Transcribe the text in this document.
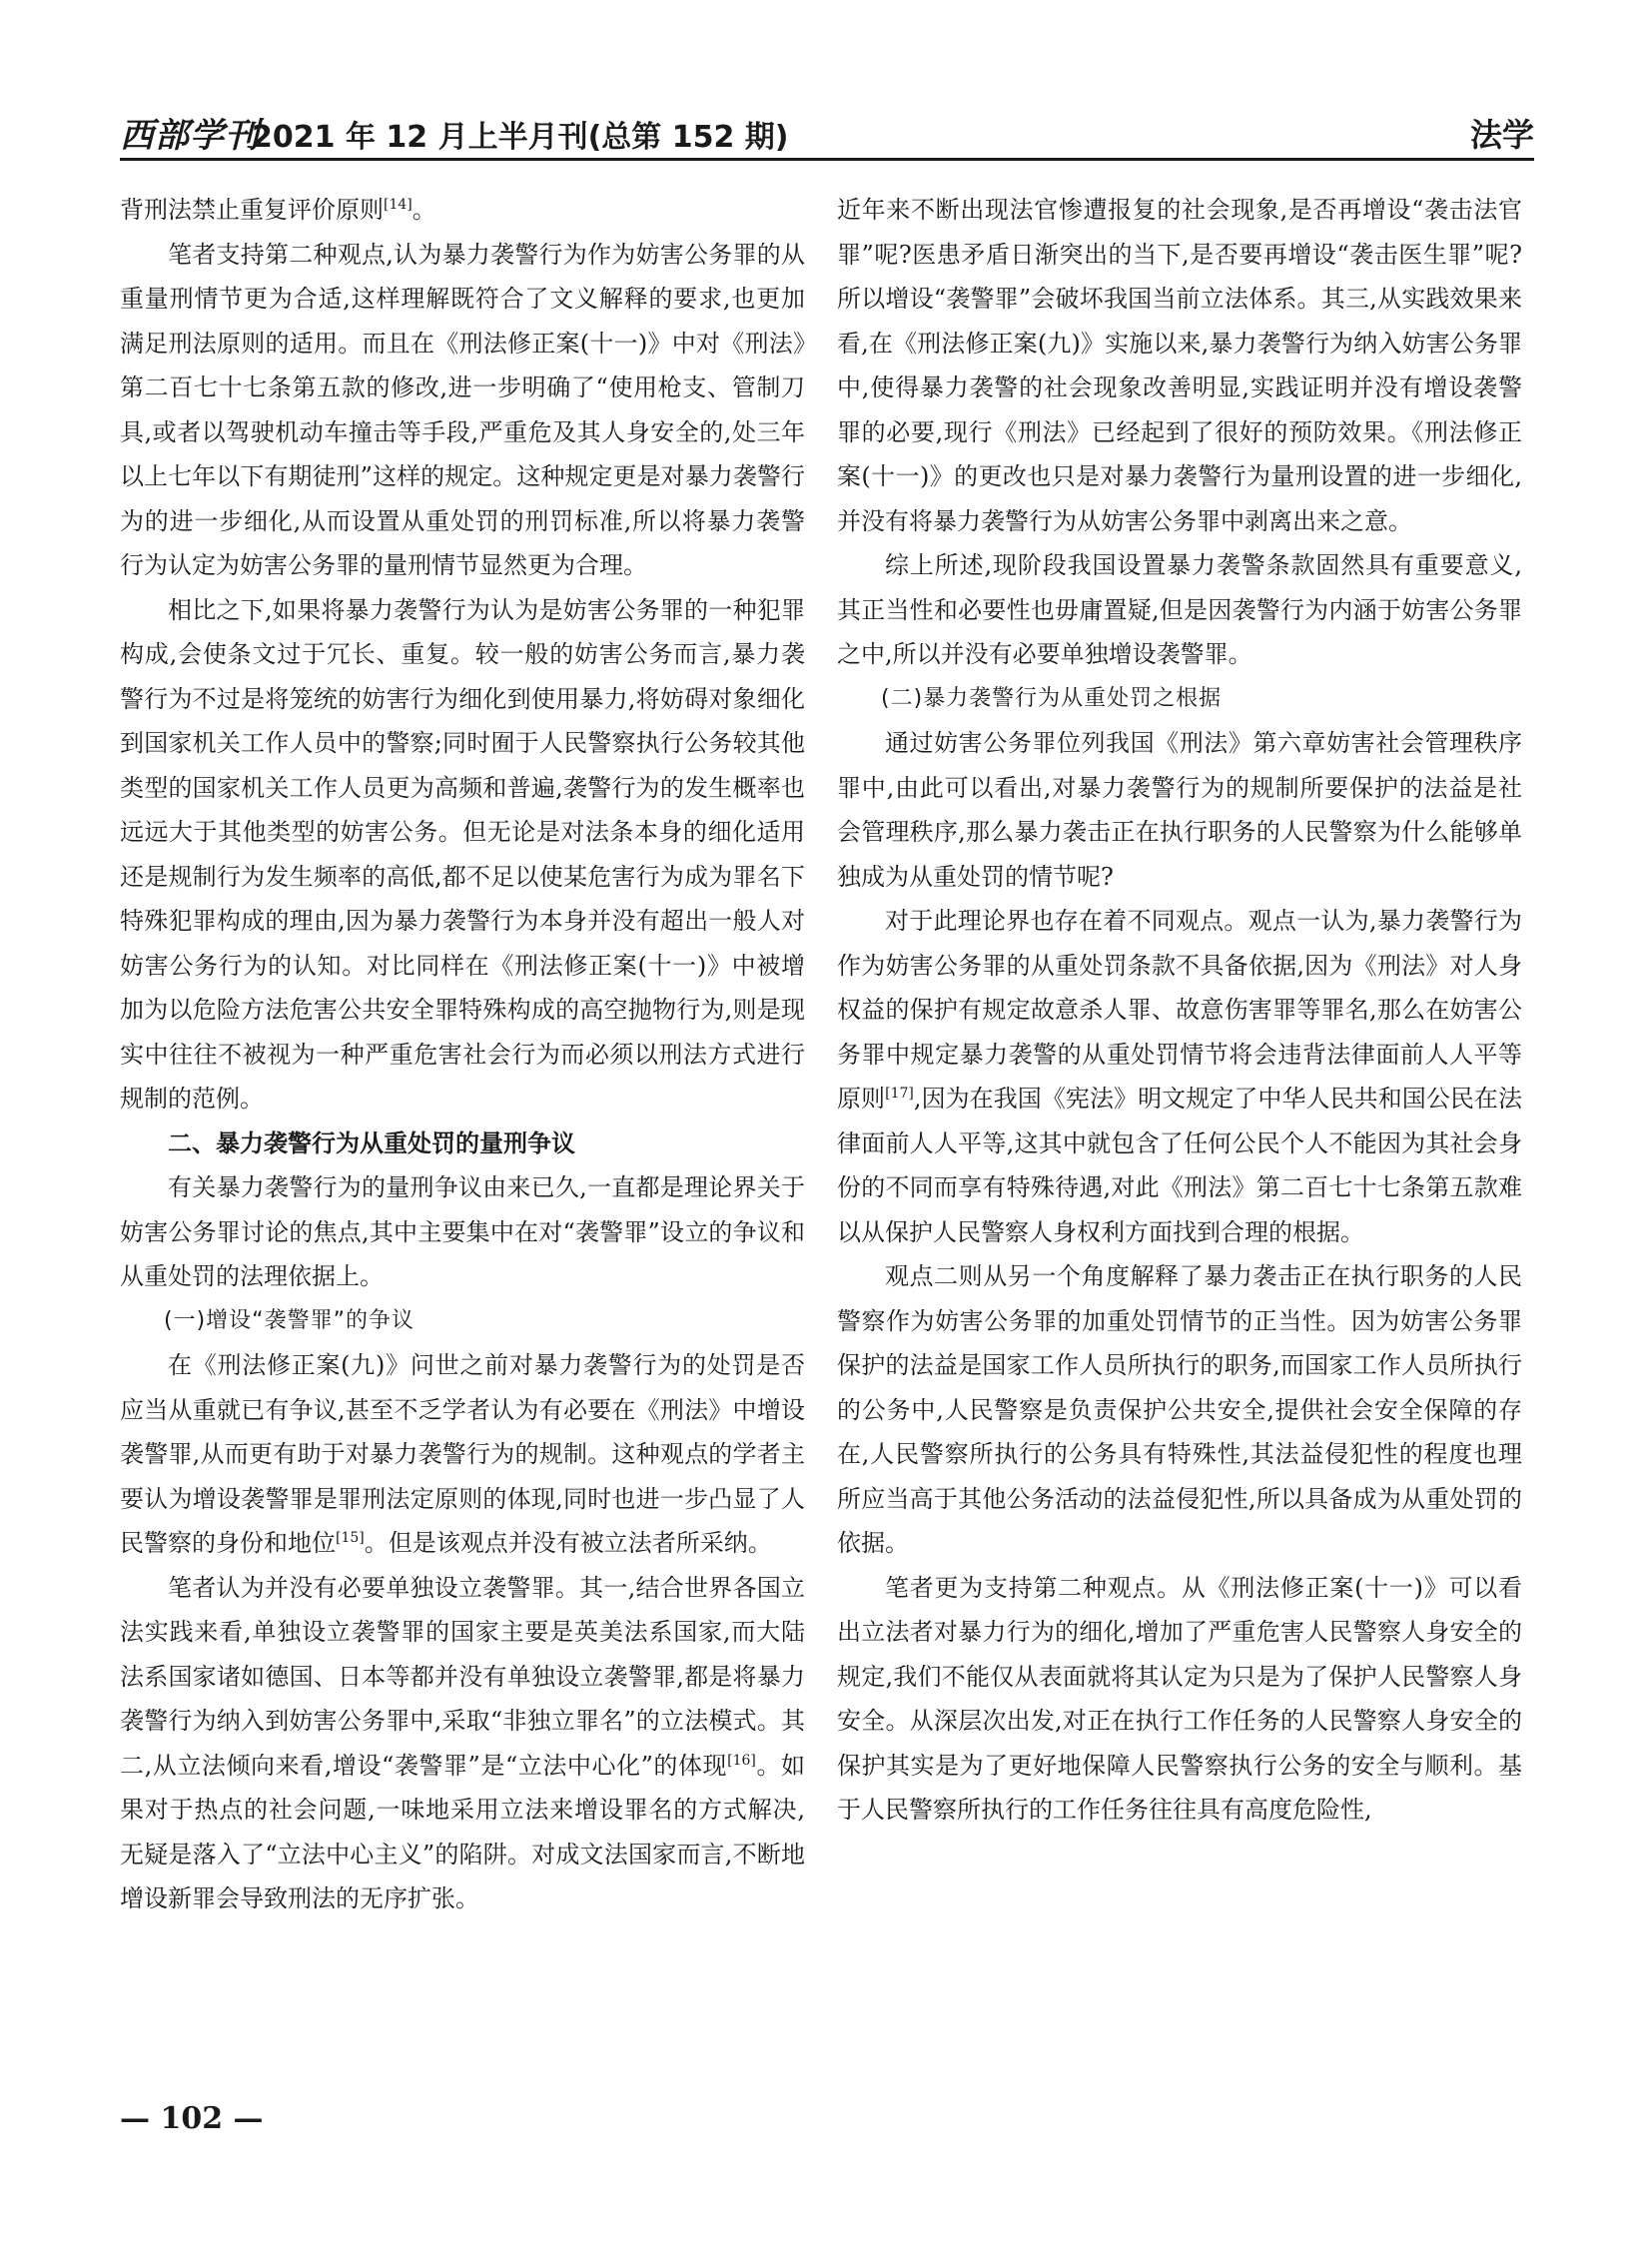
西部学刊
2021 年 12 月上半月刊(总第 152 期)	法学

背刑法禁止重复评价原则[14]。

笔者支持第二种观点,认为暴力袭警行为作为妨害公务罪的从重量刑情节更为合适,这样理解既符合了文义解释的要求,也更加满足刑法原则的适用。而且在《刑法修正案(十一)》中对《刑法》第二百七十七条第五款的修改,进一步明确了“使用枪支、管制刀具,或者以驾驶机动车撞击等手段,严重危及其人身安全的,处三年以上七年以下有期徒刑”这样的规定。这种规定更是对暴力袭警行为的进一步细化,从而设置从重处罚的刑罚标准,所以将暴力袭警行为认定为妨害公务罪的量刑情节显然更为合理。

相比之下,如果将暴力袭警行为认为是妨害公务罪的一种犯罪构成,会使条文过于冗长、重复。较一般的妨害公务而言,暴力袭警行为不过是将笼统的妨害行为细化到使用暴力,将妨碍对象细化到国家机关工作人员中的警察;同时囿于人民警察执行公务较其他类型的国家机关工作人员更为高频和普遍,袭警行为的发生概率也远远大于其他类型的妨害公务。但无论是对法条本身的细化适用还是规制行为发生频率的高低,都不足以使某危害行为成为罪名下特殊犯罪构成的理由,因为暴力袭警行为本身并没有超出一般人对妨害公务行为的认知。对比同样在《刑法修正案(十一)》中被增加为以危险方法危害公共安全罪特殊构成的高空抛物行为,则是现实中往往不被视为一种严重危害社会行为而必须以刑法方式进行规制的范例。

二、暴力袭警行为从重处罚的量刑争议

有关暴力袭警行为的量刑争议由来已久,一直都是理论界关于妨害公务罪讨论的焦点,其中主要集中在对“袭警罪”设立的争议和从重处罚的法理依据上。

(一)增设“袭警罪”的争议

在《刑法修正案(九)》问世之前对暴力袭警行为的处罚是否应当从重就已有争议,甚至不乏学者认为有必要在《刑法》中增设袭警罪,从而更有助于对暴力袭警行为的规制。这种观点的学者主要认为增设袭警罪是罪刑法定原则的体现,同时也进一步凸显了人民警察的身份和地位[15]。但是该观点并没有被立法者所采纳。

笔者认为并没有必要单独设立袭警罪。其一,结合世界各国立法实践来看,单独设立袭警罪的国家主要是英美法系国家,而大陆法系国家诸如德国、日本等都并没有单独设立袭警罪,都是将暴力袭警行为纳入到妨害公务罪中,采取“非独立罪名”的立法模式。其二,从立法倾向来看,增设“袭警罪”是“立法中心化”的体现[16]。如果对于热点的社会问题,一味地采用立法来增设罪名的方式解决,无疑是落入了“立法中心主义”的陷阱。对成文法国家而言,不断地增设新罪会导致刑法的无序扩张。

近年来不断出现法官惨遭报复的社会现象,是否再增设“袭击法官罪”呢?医患矛盾日渐突出的当下,是否要再增设“袭击医生罪”呢?所以增设“袭警罪”会破坏我国当前立法体系。其三,从实践效果来看,在《刑法修正案(九)》实施以来,暴力袭警行为纳入妨害公务罪中,使得暴力袭警的社会现象改善明显,实践证明并没有增设袭警罪的必要,现行《刑法》已经起到了很好的预防效果。《刑法修正案(十一)》的更改也只是对暴力袭警行为量刑设置的进一步细化,并没有将暴力袭警行为从妨害公务罪中剥离出来之意。

综上所述,现阶段我国设置暴力袭警条款固然具有重要意义,其正当性和必要性也毋庸置疑,但是因袭警行为内涵于妨害公务罪之中,所以并没有必要单独增设袭警罪。

(二)暴力袭警行为从重处罚之根据

通过妨害公务罪位列我国《刑法》第六章妨害社会管理秩序罪中,由此可以看出,对暴力袭警行为的规制所要保护的法益是社会管理秩序,那么暴力袭击正在执行职务的人民警察为什么能够单独成为从重处罚的情节呢?

对于此理论界也存在着不同观点。观点一认为,暴力袭警行为作为妨害公务罪的从重处罚条款不具备依据,因为《刑法》对人身权益的保护有规定故意杀人罪、故意伤害罪等罪名,那么在妨害公务罪中规定暴力袭警的从重处罚情节将会违背法律面前人人平等原则[17],因为在我国《宪法》明文规定了中华人民共和国公民在法律面前人人平等,这其中就包含了任何公民个人不能因为其社会身份的不同而享有特殊待遇,对此《刑法》第二百七十七条第五款难以从保护人民警察人身权利方面找到合理的根据。

观点二则从另一个角度解释了暴力袭击正在执行职务的人民警察作为妨害公务罪的加重处罚情节的正当性。因为妨害公务罪保护的法益是国家工作人员所执行的职务,而国家工作人员所执行的公务中,人民警察是负责保护公共安全,提供社会安全保障的存在,人民警察所执行的公务具有特殊性,其法益侵犯性的程度也理所应当高于其他公务活动的法益侵犯性,所以具备成为从重处罚的依据。

笔者更为支持第二种观点。从《刑法修正案(十一)》可以看出立法者对暴力行为的细化,增加了严重危害人民警察人身安全的规定,我们不能仅从表面就将其认定为只是为了保护人民警察人身安全。从深层次出发,对正在执行工作任务的人民警察人身安全的保护其实是为了更好地保障人民警察执行公务的安全与顺利。基于人民警察所执行的工作任务往往具有高度危险性,

— 102 —
